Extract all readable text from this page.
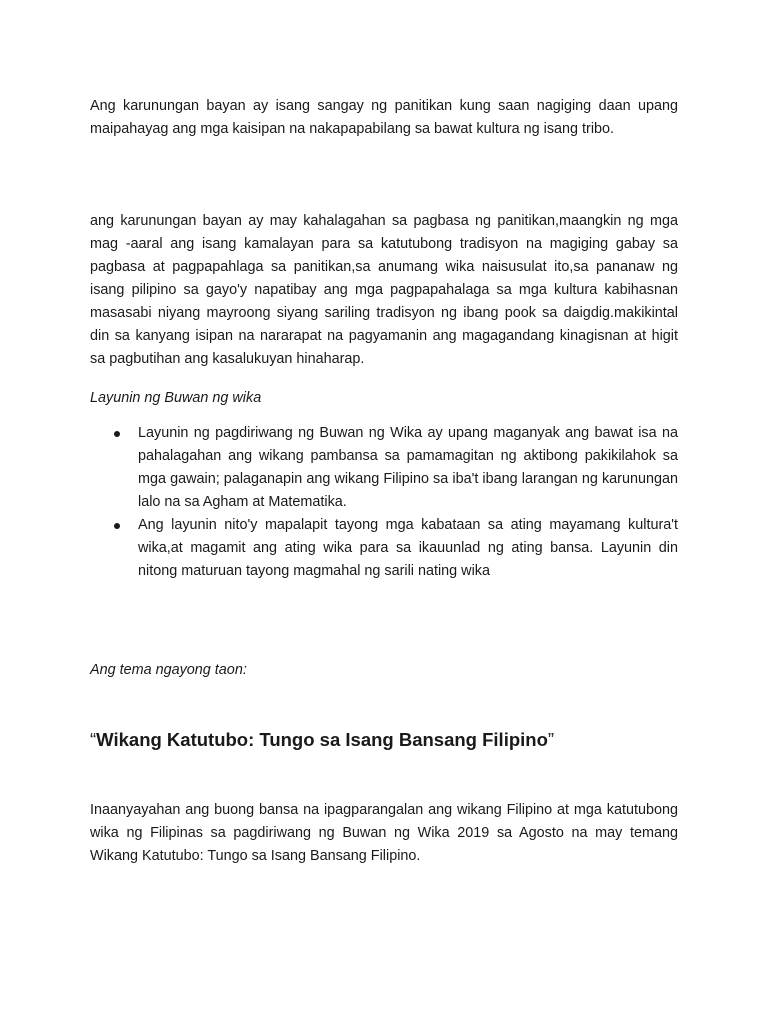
Ang karunungan bayan ay isang sangay ng panitikan kung saan nagiging daan upang maipahayag ang mga kaisipan na nakapapabilang sa bawat kultura ng isang tribo.

ang karunungan bayan ay may kahalagahan sa pagbasa ng panitikan,maangkin ng mga mag -aaral ang isang kamalayan para sa katutubong tradisyon na magiging gabay sa pagbasa at pagpapahlaga sa panitikan,sa anumang wika naisusulat ito,sa pananaw ng isang pilipino sa gayo'y napatibay ang mga pagpapahalaga sa mga kultura kabihasnan masasabi niyang mayroong siyang sariling tradisyon ng ibang pook sa daigdig.makikintal din sa kanyang isipan na nararapat na pagyamanin ang magagandang kinagisnan at higit sa pagbutihan ang kasalukuyan hinaharap.

Layunin ng Buwan ng wika

Layunin ng pagdiriwang ng Buwan ng Wika ay upang maganyak ang bawat isa na pahalagahan ang wikang pambansa sa pamamagitan ng aktibong pakikilahok sa mga gawain; palaganapin ang wikang Filipino sa iba't ibang larangan ng karunungan lalo na sa Agham at Matematika.
Ang layunin nito'y mapalapit tayong mga kabataan sa ating mayamang kultura't wika,at magamit ang ating wika para sa ikauunlad ng ating bansa. Layunin din nitong maturuan tayong magmahal ng sarili nating wika

Ang tema ngayong taon:

“Wikang Katutubo: Tungo sa Isang Bansang Filipino”

Inaanyayahan ang buong bansa na ipagparangalan ang wikang Filipino at mga katutubong wika ng Filipinas sa pagdiriwang ng Buwan ng Wika 2019 sa Agosto na may temang Wikang Katutubo: Tungo sa Isang Bansang Filipino.
